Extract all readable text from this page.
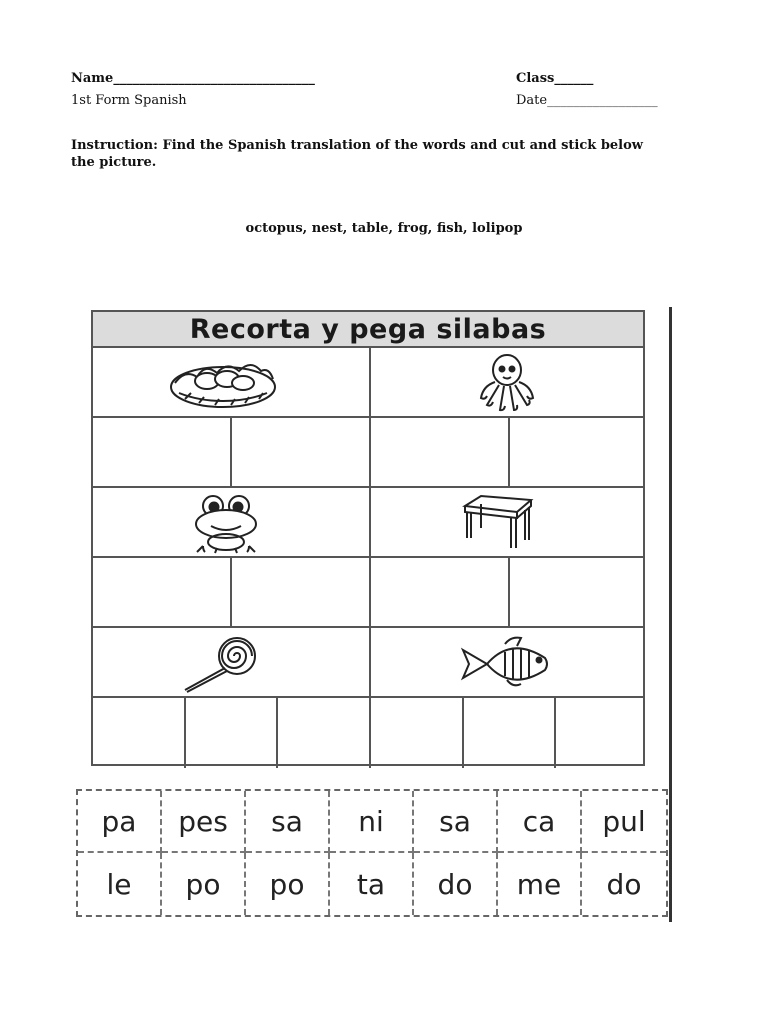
Name_______________________________	Class______
1st Form Spanish	Date_________________
Instruction: Find the Spanish translation of the words and cut and stick below the picture.
octopus, nest, table, frog, fish, lolipop
Recorta y pega silabas
pa	pes	sa	ni	sa	ca	pul
le	po	po	ta	do	me	do
